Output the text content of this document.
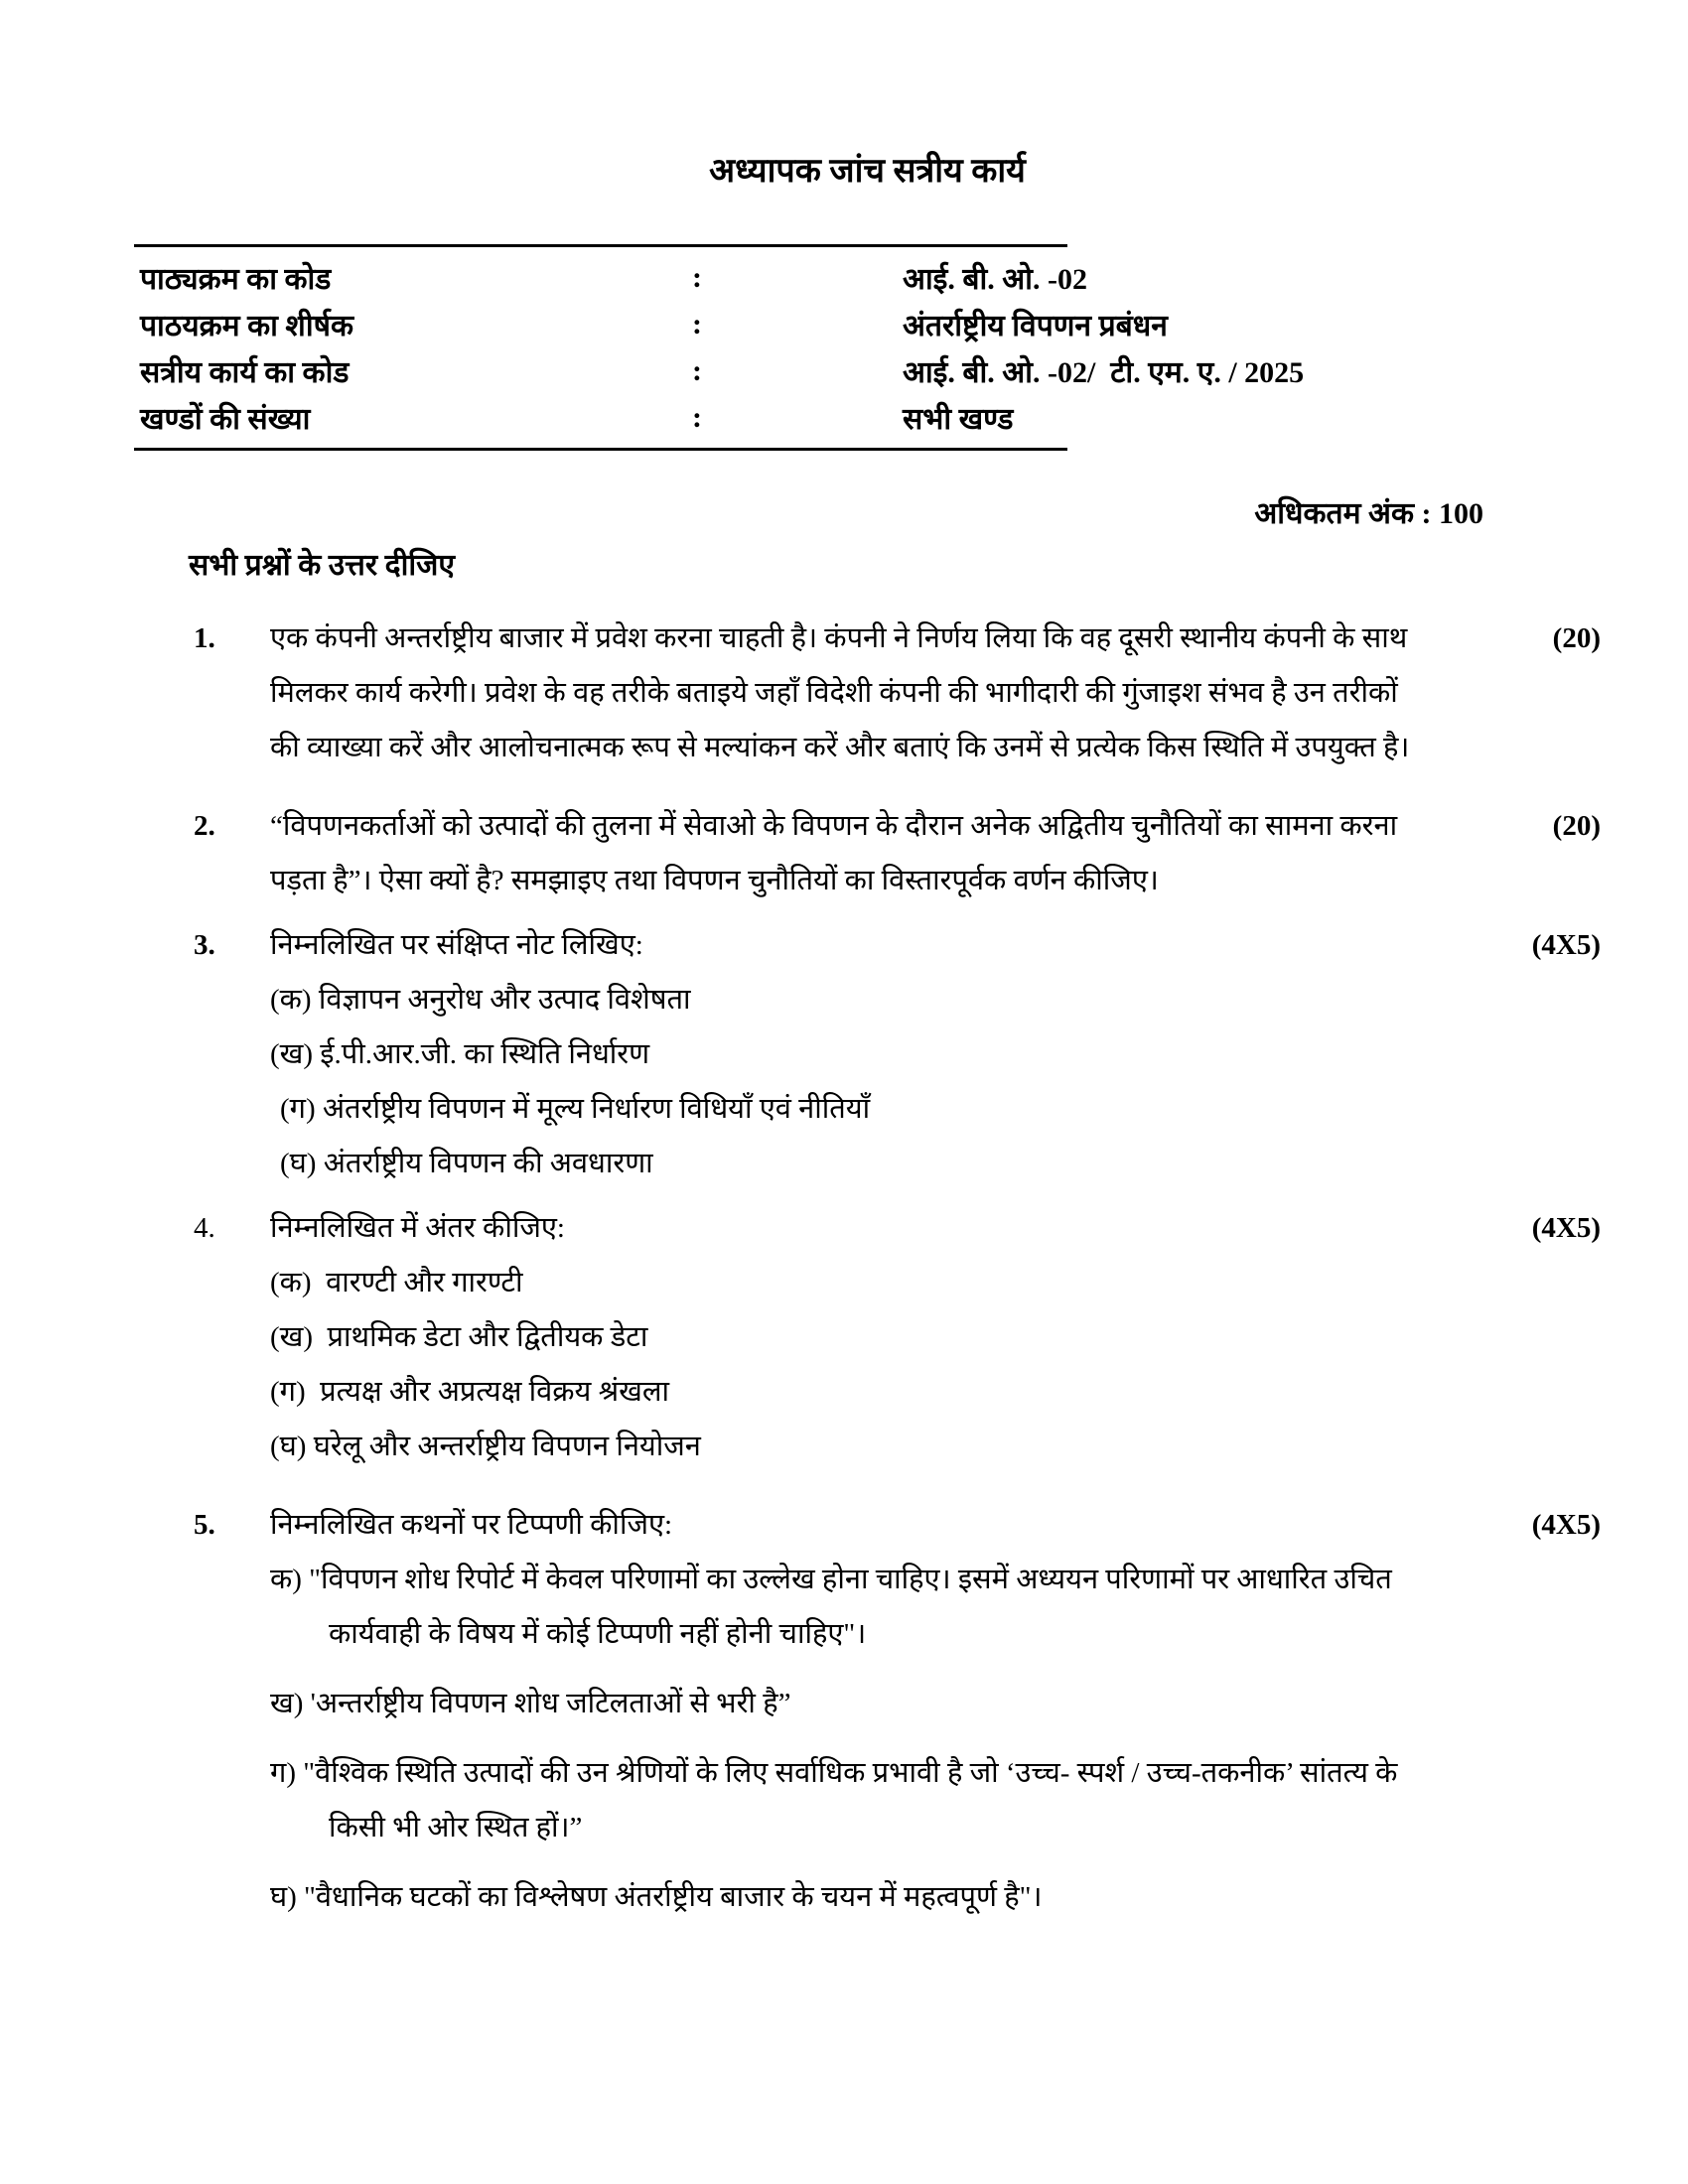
अध्यापक जांच सत्रीय कार्य
पाठ्यक्रम का कोड	:	आई. बी. ओ. -02
पाठयक्रम का शीर्षक	:	अंतर्राष्ट्रीय विपणन प्रबंधन
सत्रीय कार्य का कोड	:	आई. बी. ओ. -02/  टी. एम. ए. / 2025
खण्डों की संख्या	:	सभी खण्ड
अधिकतम अंक : 100
सभी प्रश्नों के उत्तर दीजिए
1.	एक कंपनी अन्तर्राष्ट्रीय बाजार में प्रवेश करना चाहती है। कंपनी ने निर्णय लिया कि वह दूसरी स्थानीय कंपनी के साथ
मिलकर कार्य करेगी। प्रवेश के वह तरीके बताइये जहाँ विदेशी कंपनी की भागीदारी की गुंजाइश संभव है उन तरीकों
की व्याख्या करें और आलोचनात्मक रूप से मल्यांकन करें और बताएं कि उनमें से प्रत्येक किस स्थिति में उपयुक्त है।
(20)
2.	“विपणनकर्ताओं को उत्पादों की तुलना में सेवाओ के विपणन के दौरान अनेक अद्वितीय चुनौतियों का सामना करना
पड़ता है”। ऐसा क्यों है? समझाइए तथा विपणन चुनौतियों का विस्तारपूर्वक वर्णन कीजिए।
(20)
3.	निम्नलिखित पर संक्षिप्त नोट लिखिए:
(क) विज्ञापन अनुरोध और उत्पाद विशेषता
(ख) ई.पी.आर.जी. का स्थिति निर्धारण
(ग) अंतर्राष्ट्रीय विपणन में मूल्य निर्धारण विधियाँ एवं नीतियाँ
(घ) अंतर्राष्ट्रीय विपणन की अवधारणा
(4X5)
4.	निम्नलिखित में अंतर कीजिए:
(क)  वारण्टी और गारण्टी
(ख)  प्राथमिक डेटा और द्वितीयक डेटा
(ग)  प्रत्यक्ष और अप्रत्यक्ष विक्रय श्रंखला
(घ) घरेलू और अन्तर्राष्ट्रीय विपणन नियोजन
(4X5)
5.	निम्नलिखित कथनों पर टिप्पणी कीजिए:
क) "विपणन शोध रिपोर्ट में केवल परिणामों का उल्लेख होना चाहिए। इसमें अध्ययन परिणामों पर आधारित उचित
कार्यवाही के विषय में कोई टिप्पणी नहीं होनी चाहिए"।
ख) 'अन्तर्राष्ट्रीय विपणन शोध जटिलताओं से भरी है”
ग) "वैश्विक स्थिति उत्पादों की उन श्रेणियों के लिए सर्वाधिक प्रभावी है जो ‘उच्च- स्पर्श / उच्च-तकनीक’ सांतत्य के
किसी भी ओर स्थित हों।”
घ) "वैधानिक घटकों का विश्लेषण अंतर्राष्ट्रीय बाजार के चयन में महत्वपूर्ण है"।
(4X5)
